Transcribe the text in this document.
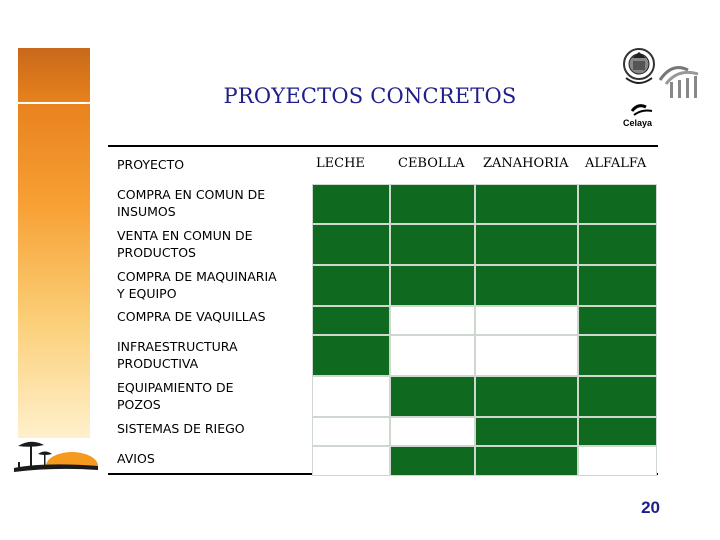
PROYECTOS CONCRETOS
Celaya
LECHE	CEBOLLA ZANAHORIA ALFALFA
PROYECTO
COMPRA EN COMUN DE
INSUMOS
VENTA EN COMUN DE
PRODUCTOS
COMPRA DE MAQUINARIA
Y EQUIPO
COMPRA DE VAQUILLAS
INFRAESTRUCTURA
PRODUCTIVA
EQUIPAMIENTO DE
POZOS
SISTEMAS DE RIEGO
AVIOS
20
